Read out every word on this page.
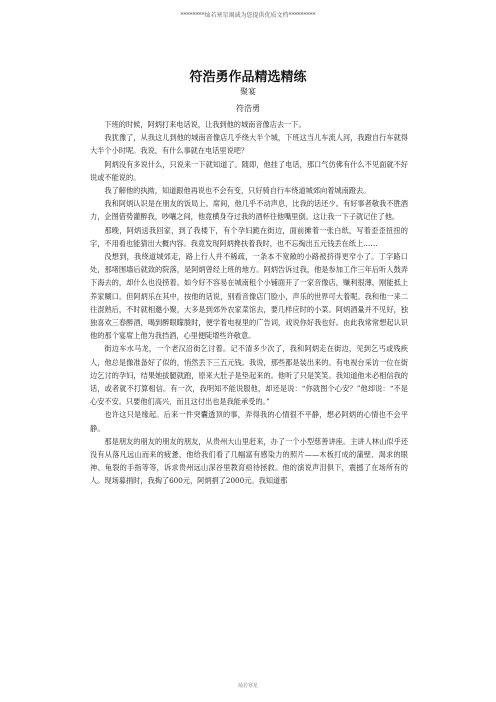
********灿若寒星竭诚为您提供优质文档*********
符浩勇作品精选精练
聚宴
符浩勇

下班的时候，阿炳打来电话说，让我到他的城南音像店去一下。

我犹豫了，从我这儿到他的城南音像店几乎绕大半个城，下班这当儿车流人河，我蹬自行车就得大半个小时呢。我说，有什么事就在电话里说吧？

阿炳没有多说什么，只说来一下就知道了。随即，他挂了电话，那口气仿佛有什么不见面就不好说或不能说的。

我了解他的执拗，知道跟他再说也不会有变，只好骑自行车绕道城郊向着城南蹬去。

我和阿炳认识是在朋友的饭局上。席间，他几乎不动声息，比我的话还少。有好事者敬我不胜酒力，企图借势灌醉我，吵嚷之间，他竟横身夺过我的酒杯往他嘴里倒。这让我一下子就记住了他。

那晚，阿炳送我回家，到了我楼下，有个孕妇跪在街边，面前摊着一张白纸，写着歪歪扭扭的字，不用看也能猜出大概内容。我竟发现阿炳搀扶着我时，也不忘掏出五元钱丢在纸上……

没想到，我绕道城郊走，路上行人并不稀疏，一条本不宽敞的小路被挤得更窄小了。丁字路口处，那堵围墙后就致的院落，是阿炳曾经上班的地方。阿炳告诉过我，他是参加工作三年后听人鼓弄下海去的，却什么也没捞着。如今好不容易在城南租个小铺面开了一家音像店，赚利很薄，刚能抵上养家糊口。但阿炳乐在其中，按他的话说，别看音像店门脸小，声乐的世界可大着呢。我和他一来二往混熟后，不时就相邀小聚，大多是到郊外农家菜馆去，要几样应时的小菜。阿炳酒量并不见好，独独喜欢三春醉酒，喝到醉眼矇胧时，便学着电视里的广告词，戏说你好我也好。由此我常常想起认识他的那个宴席上他为我挡酒，心里便陡增些许敬意。

街边车水马龙，一个老汉沿街乞讨着。记不清多少次了，我和阿炳走在街边，见到乞丐或残疾人，他总是像准备好了似的，悄然丢下三五元钱。我说，那些都是装出来的。有电视台采访一位在街边乞讨的孕妇，结果她拔腿就跑，原来大肚子是垫起来的。他听了只是笑笑。我知道他未必相信我的话，或者就不打算相信。有一次，我明知不能说服他，却还是说：“你就图个心安？”他却说：“不是心安不安。只要他们高兴，而且这付出也是我能承受的。”

也许这只是缘起。后来一件突囊透顶的事，弄得我的心情很不平静，想必阿炳的心情也不会平静。

那是朋友的朋友的朋友的朋友，从贵州大山里赶来，办了一个小型慈善讲座。主讲人林山似乎还没有从落凡远山而来的疲惫，他给我们看了几幅富有感染力的照片——木板打成的蒲壁、渴求的眼神、龟裂的手指等等，诉求贵州远山深谷里教育亟待拯救。他的演说声泪俱下，震撼了在场所有的人。现场募捐时，我掏了600元，阿炳捐了2000元。我知道那

灿若寒星
